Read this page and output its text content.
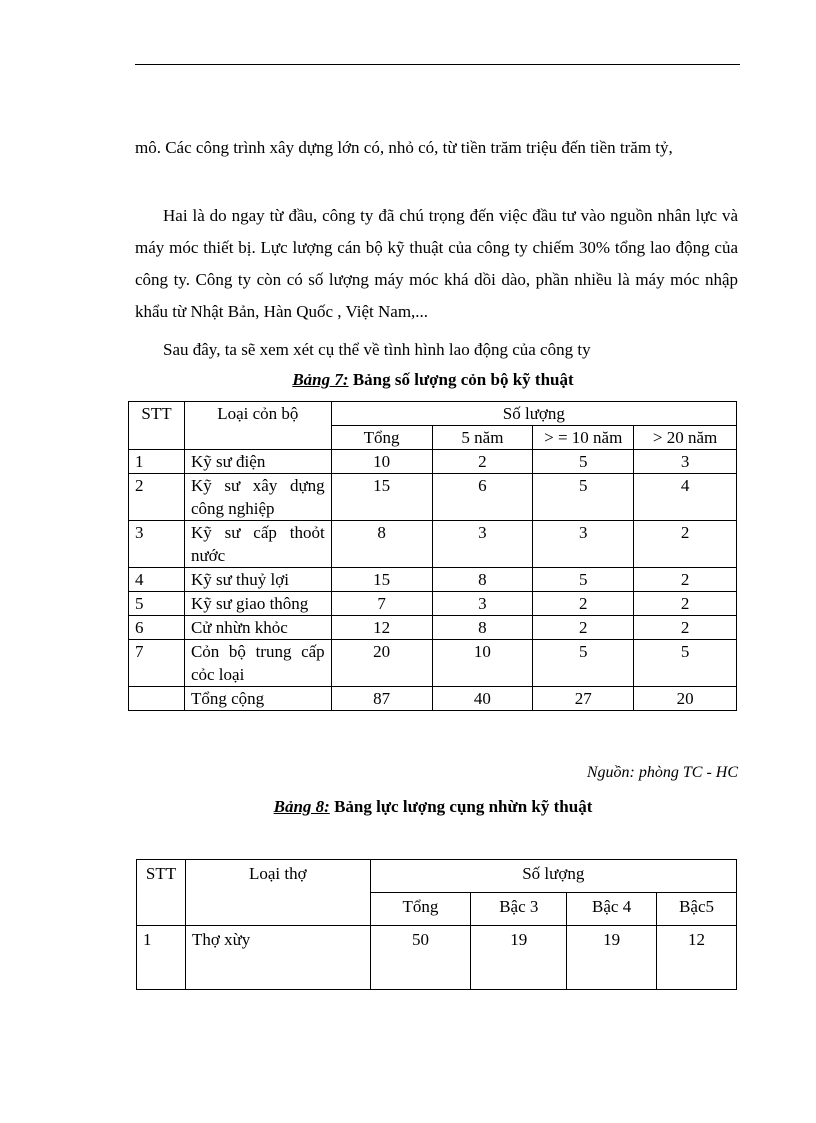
mô. Các công trình xây dựng lớn có, nhỏ có, từ tiền trăm triệu đến tiền trăm tỷ,

Hai là do ngay từ đầu, công ty đã chú trọng đến việc đầu tư vào nguồn nhân lực và máy móc thiết bị. Lực lượng cán bộ kỹ thuật của công ty chiếm 30% tổng lao động của công ty. Công ty còn có số lượng máy móc khá dồi dào, phần nhiều là máy móc nhập khẩu từ Nhật Bản, Hàn Quốc , Việt Nam,...

Sau đây, ta sẽ xem xét cụ thể về tình hình lao động của công ty

Bảng 7: Bảng số lượng cỏn bộ kỹ thuật

STT	Loại cỏn bộ	Số lượng			
		Tổng	5 năm	> = 10 năm	> 20 năm
1	Kỹ sư điện	10	2	5	3
2	Kỹ sư xây dựng công nghiệp	15	6	5	4
3	Kỹ sư cấp thoỏt nước	8	3	3	2
4	Kỹ sư thuỷ lợi	15	8	5	2
5	Kỹ sư giao thông	7	3	2	2
6	Cử nhừn khỏc	12	8	2	2
7	Cỏn bộ trung cấp cỏc loại	20	10	5	5
	Tổng cộng	87	40	27	20

Nguồn: phòng TC - HC

Bảng 8: Bảng lực lượng cụng nhừn kỹ thuật

STT	Loại thợ	Số lượng			
		Tổng	Bậc 3	Bậc 4	Bậc5
1	Thợ xừy	50	19	19	12
